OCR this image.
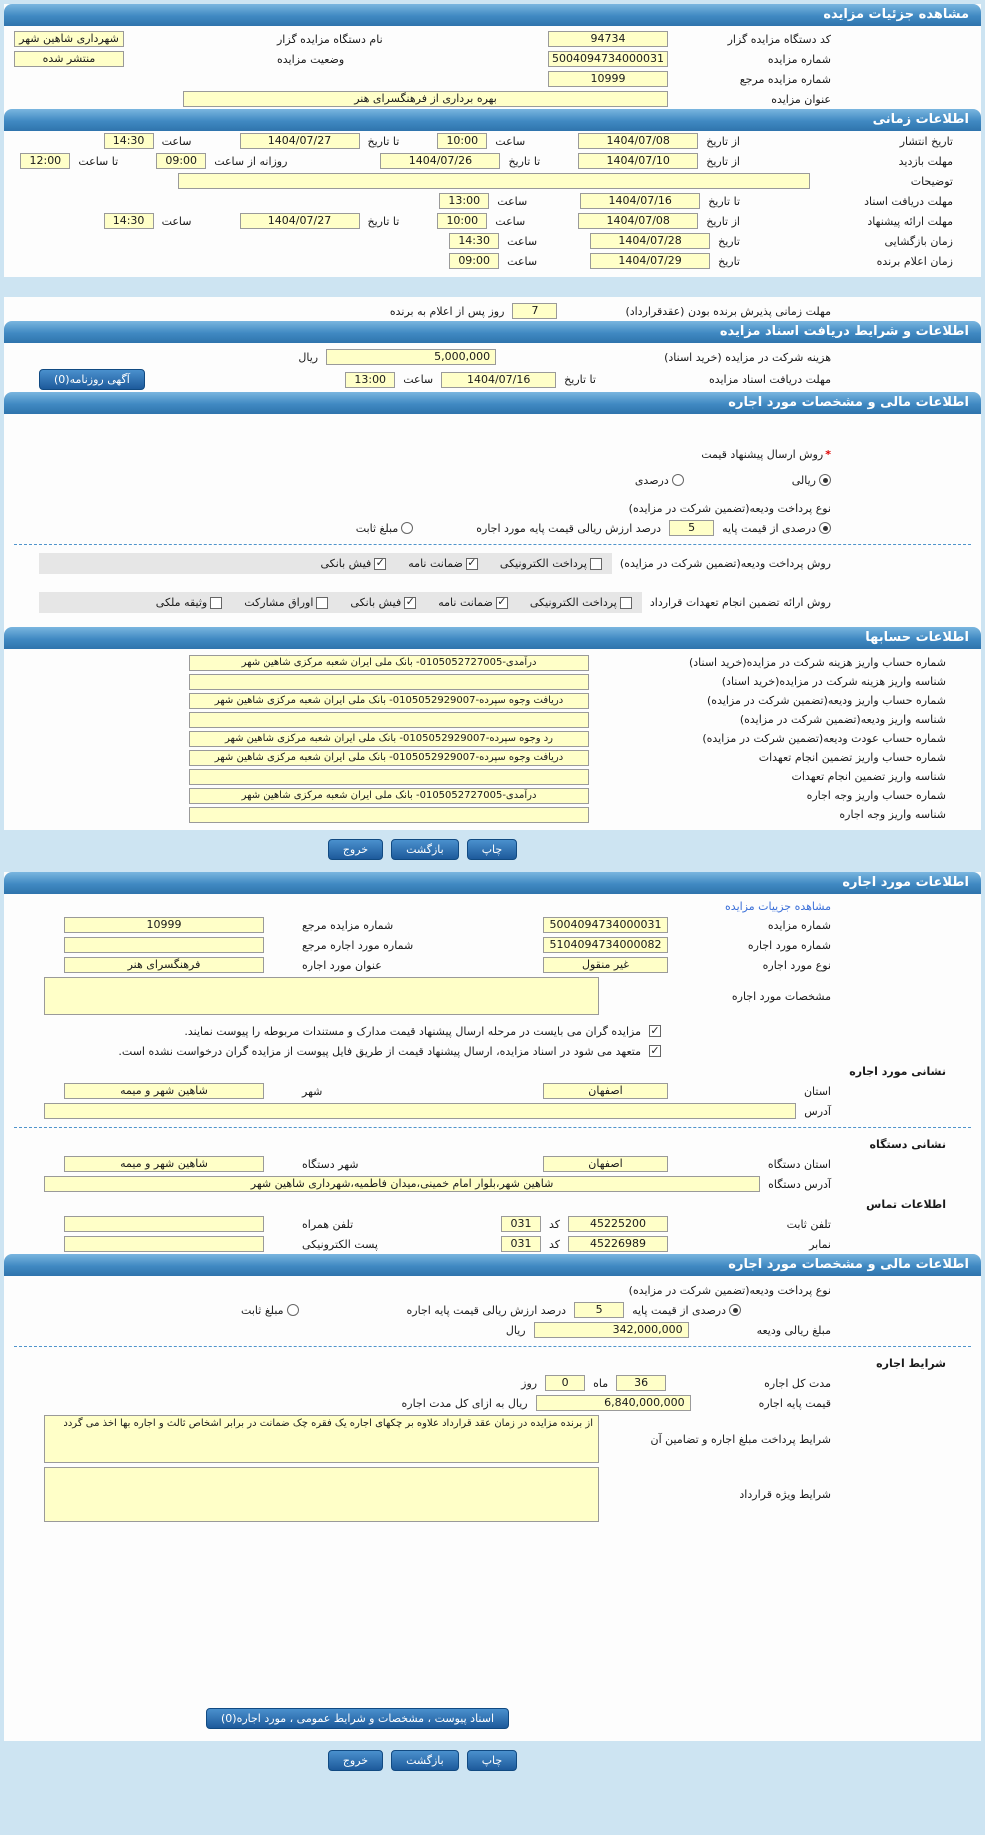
مشاهده جزئیات مزایده
کد دستگاه مزایده گزار
94734
نام دستگاه مزایده گزار
شهرداری شاهین شهر
شماره مزایده
5004094734000031
وضعیت مزایده
منتشر شده
شماره مزایده مرجع
10999
عنوان مزایده
بهره برداری از فرهنگسرای هنر
اطلاعات زمانی
تاریخ انتشار
از تاریخ
1404/07/08
ساعت
10:00
تا تاریخ
1404/07/27
ساعت
14:30
مهلت بازدید
از تاریخ
1404/07/10
تا تاریخ
1404/07/26
روزانه از ساعت
09:00
تا ساعت
12:00
توضیحات
مهلت دریافت اسناد
تا تاریخ
1404/07/16
ساعت
13:00
مهلت ارائه پیشنهاد
از تاریخ
1404/07/08
ساعت
10:00
تا تاریخ
1404/07/27
ساعت
14:30
زمان بازگشایی
تاریخ
1404/07/28
ساعت
14:30
زمان اعلام برنده
تاریخ
1404/07/29
ساعت
09:00
مهلت زمانی پذیرش برنده بودن (عقدقرارداد)
7
روز پس از اعلام به برنده
اطلاعات و شرایط دریافت اسناد مزایده
هزینه شرکت در مزایده (خرید اسناد)
5,000,000
ریال
مهلت دریافت اسناد مزایده
تا تاریخ
1404/07/16
ساعت
13:00
آگهی روزنامه(0)
اطلاعات مالی و مشخصات مورد اجاره
*
روش ارسال پیشنهاد قیمت
ریالی
درصدی
نوع پرداخت ودیعه(تضمین شرکت در مزایده)
درصدی از قیمت پایه
5
درصد ارزش ریالی قیمت پایه مورد اجاره
مبلغ ثابت
روش پرداخت ودیعه(تضمین شرکت در مزایده)
پرداخت الکترونیکی
✓
ضمانت نامه
✓
فیش بانکی
روش ارائه تضمین انجام تعهدات قرارداد
پرداخت الکترونیکی
✓
ضمانت نامه
✓
فیش بانکی
اوراق مشارکت
وثیقه ملکی
اطلاعات حسابها
شماره حساب واریز هزینه شرکت در مزایده(خرید اسناد)
درآمدی-0105052727005- بانک ملی ایران شعبه مرکزی شاهین شهر
شناسه واریز هزینه شرکت در مزایده(خرید اسناد)
شماره حساب واریز ودیعه(تضمین شرکت در مزایده)
دریافت وجوه سپرده-0105052929007- بانک ملی ایران شعبه مرکزی شاهین شهر
شناسه واریز ودیعه(تضمین شرکت در مزایده)
شماره حساب عودت ودیعه(تضمین شرکت در مزایده)
رد وجوه سپرده-0105052929007- بانک ملی ایران شعبه مرکزی شاهین شهر
شماره حساب واریز تضمین انجام تعهدات
دریافت وجوه سپرده-0105052929007- بانک ملی ایران شعبه مرکزی شاهین شهر
شناسه واریز تضمین انجام تعهدات
شماره حساب واریز وجه اجاره
درآمدی-0105052727005- بانک ملی ایران شعبه مرکزی شاهین شهر
شناسه واریز وجه اجاره
چاپ
بازگشت
خروج
اطلاعات مورد اجاره
مشاهده جزییات مزایده
شماره مزایده
5004094734000031
شماره مزایده مرجع
10999
شماره مورد اجاره
5104094734000082
شماره مورد اجاره مرجع
نوع مورد اجاره
غیر منقول
عنوان مورد اجاره
فرهنگسرای هنر
مشخصات مورد اجاره
✓
مزایده گران می بایست در مرحله ارسال پیشنهاد قیمت مدارک و مستندات مربوطه را پیوست نمایند.
✓
متعهد می شود در اسناد مزایده، ارسال پیشنهاد قیمت از طریق فایل پیوست از مزایده گران درخواست نشده است.
نشانی مورد اجاره
استان
اصفهان
شهر
شاهین شهر و میمه
آدرس
نشانی دستگاه
استان دستگاه
اصفهان
شهر دستگاه
شاهین شهر و میمه
آدرس دستگاه
شاهین شهر،بلوار امام خمینی،میدان فاطمیه،شهرداری شاهین شهر
اطلاعات تماس
تلفن ثابت
45225200
کد
031
تلفن همراه
نمابر
45226989
کد
031
پست الکترونیکی
اطلاعات مالی و مشخصات مورد اجاره
نوع پرداخت ودیعه(تضمین شرکت در مزایده)
درصدی از قیمت پایه
5
درصد ارزش ریالی قیمت پایه اجاره
مبلغ ثابت
مبلغ ریالی ودیعه
342,000,000
ریال
شرایط اجاره
مدت کل اجاره
36
ماه
0
روز
قیمت پایه اجاره
6,840,000,000
ریال به ازای کل مدت اجاره
شرایط پرداخت مبلغ اجاره و تضامین آن
از برنده مزایده در زمان عقد قرارداد علاوه بر چکهای اجاره یک فقره چک ضمانت در برابر اشخاص ثالث و اجاره بها اخذ می گردد
شرایط ویژه قرارداد
اسناد پیوست ، مشخصات و شرایط عمومی ، مورد اجاره(0)
چاپ
بازگشت
خروج
